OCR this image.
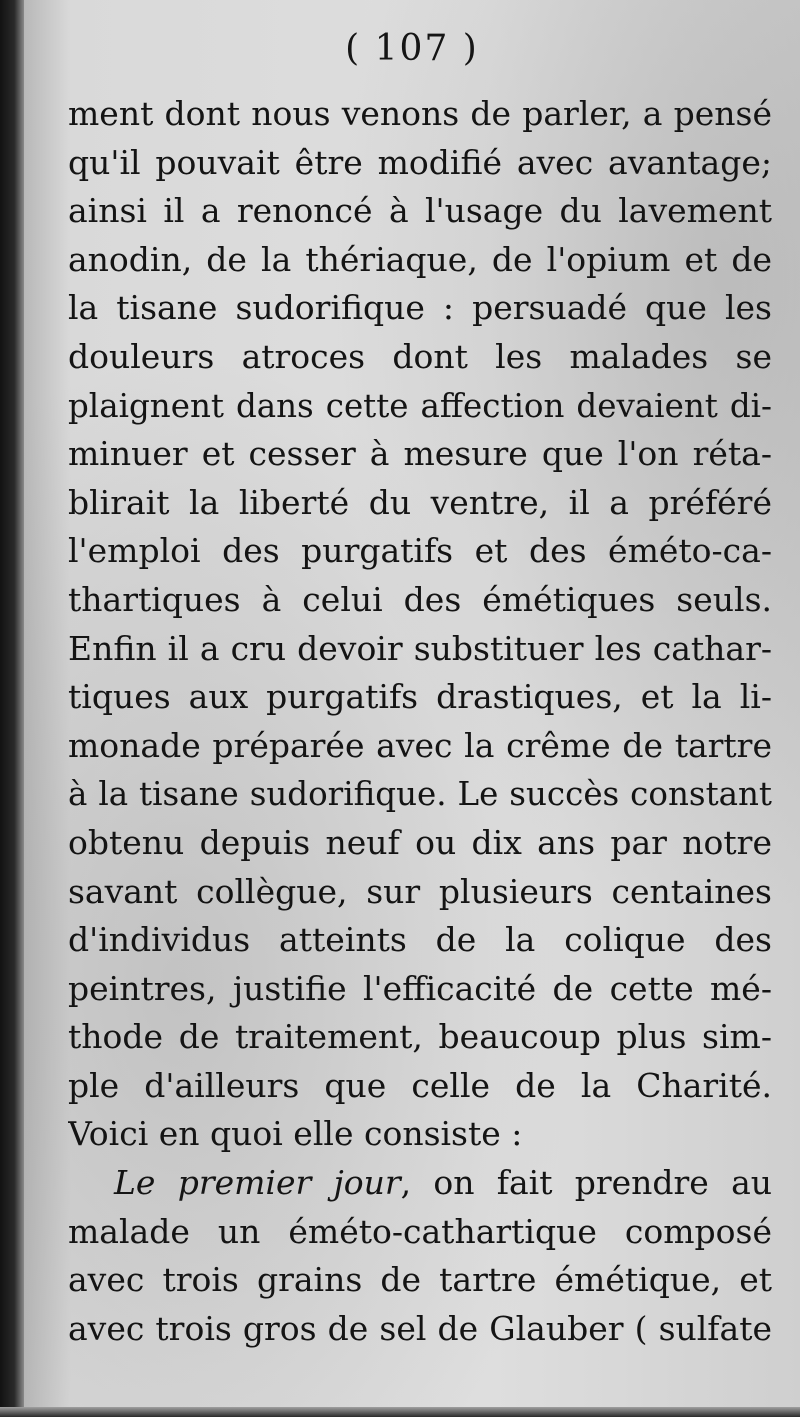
( 107 )
ment dont nous venons de parler, a pensé
qu'il pouvait être modifié avec avantage;
ainsi il a renoncé à l'usage du lavement
anodin, de la thériaque, de l'opium et de
la tisane sudorifique : persuadé que les
douleurs atroces dont les malades se
plaignent dans cette affection devaient di-
minuer et cesser à mesure que l'on réta-
blirait la liberté du ventre, il a préféré
l'emploi des purgatifs et des éméto-ca-
thartiques à celui des émétiques seuls.
Enfin il a cru devoir substituer les cathar-
tiques aux purgatifs drastiques, et la li-
monade préparée avec la crême de tartre
à la tisane sudorifique. Le succès constant
obtenu depuis neuf ou dix ans par notre
savant collègue, sur plusieurs centaines
d'individus atteints de la colique des
peintres, justifie l'efficacité de cette mé-
thode de traitement, beaucoup plus sim-
ple d'ailleurs que celle de la Charité.
Voici en quoi elle consiste :
Le premier jour, on fait prendre au
malade un éméto-cathartique composé
avec trois grains de tartre émétique, et
avec trois gros de sel de Glauber ( sulfate
